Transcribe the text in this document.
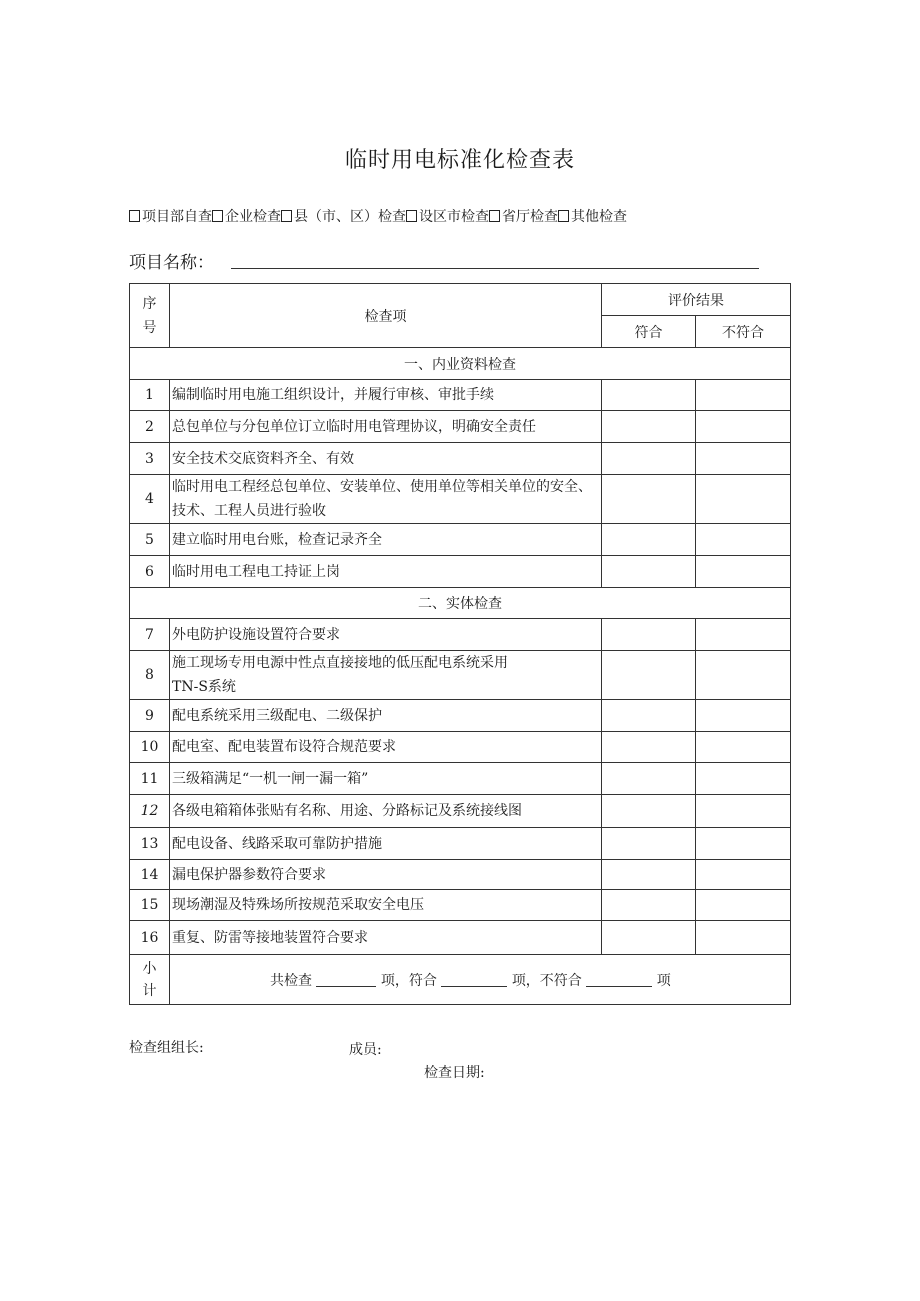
临时用电标准化检查表
项目部自查 企业检查 县（市、区）检查 设区市检查 省厅检查 其他检查
项目名称：
序
号	检查项	评价结果	
		符合	不符合
一、内业资料检查			
1	编制临时用电施工组织设计，并履行审核、审批手续		
2	总包单位与分包单位订立临时用电管理协议，明确安全责任		
3	安全技术交底资料齐全、有效		
4	临时用电工程经总包单位、安装单位、使用单位等相关单位的安全、技术、工程人员进行验收		
5	建立临时用电台账，检查记录齐全		
6	临时用电工程电工持证上岗		
二、实体检查			
7	外电防护设施设置符合要求		
8	施工现场专用电源中性点直接接地的低压配电系统采用TN-S系统		
9	配电系统采用三级配电、二级保护		
10	配电室、配电装置布设符合规范要求		
11	三级箱满足“一机一闸一漏一箱”		
12	各级电箱箱体张贴有名称、用途、分路标记及系统接线图		
13	配电设备、线路采取可靠防护措施		
14	漏电保护器参数符合要求		
15	现场潮湿及特殊场所按规范采取安全电压		
16	重复、防雷等接地装置符合要求		
小
计	共检查 项，符合 项，不符合 项		
检查组组长:	成员:
检查日期:
